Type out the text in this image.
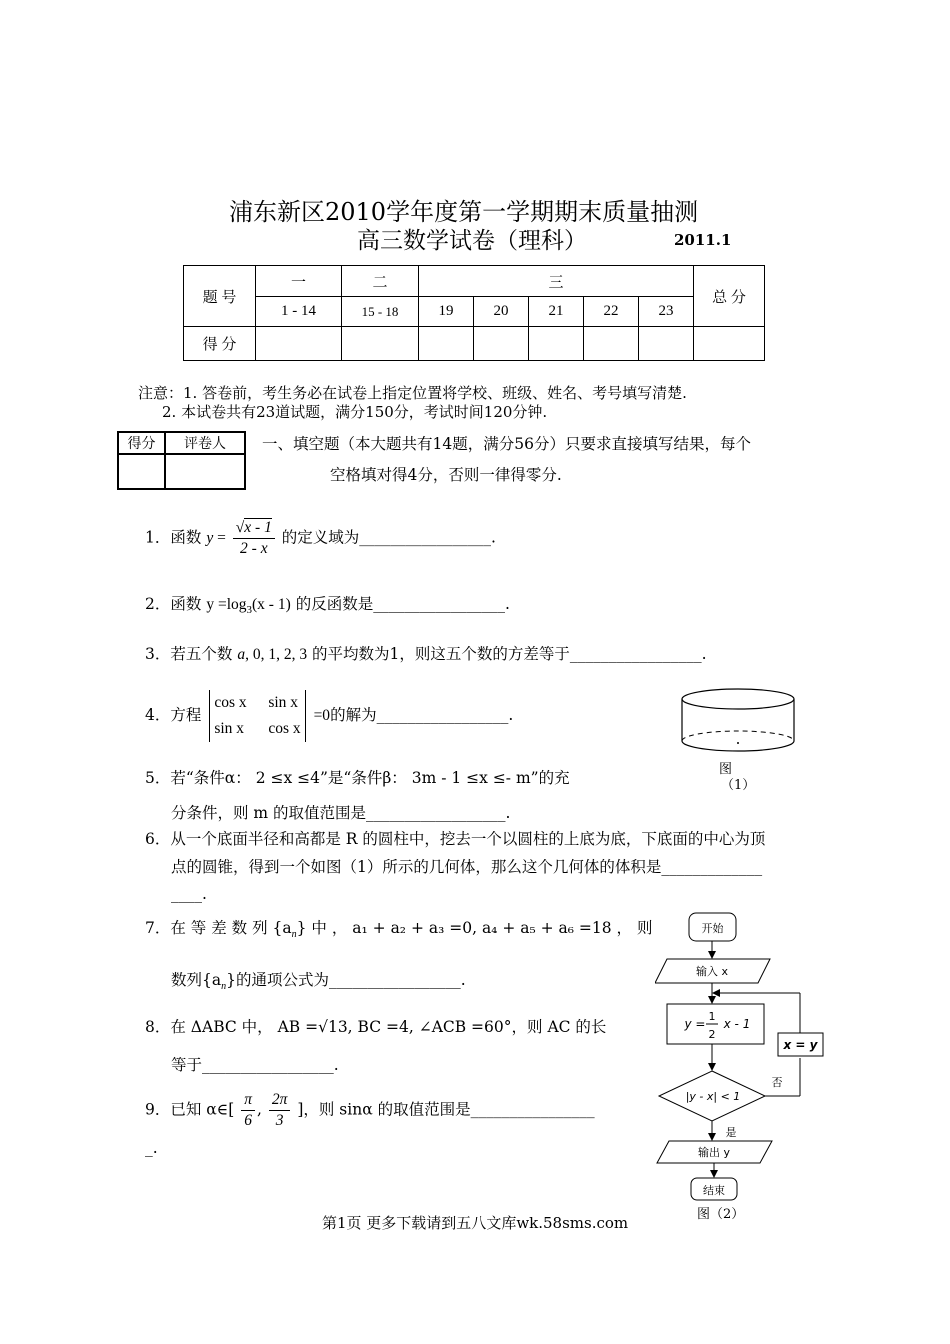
浦东新区2010学年度第一学期期末质量抽测
高三数学试卷（理科）	2011.1
题 号	一	二	三					总 分
	1 - 14	15 - 18	19	20	21	22	23	
得 分								
注意：1. 答卷前，考生务必在试卷上指定位置将学校、班级、姓名、考号填写清楚.
2. 本试卷共有23道试题，满分150分，考试时间120分钟.
得分	评卷人
	一、填空题（本大题共有14题，满分56分）只要求直接填写结果，每个
空格填对得4分，否则一律得零分.
1．函数 $y = \frac{√x - 1}{2 - x}$ 的定义域为_________________.
2．函数 $y =\log_3(x - 1)$ 的反函数是_________________.
3．若五个数 a, 0, 1, 2, 3 的平均数为1，则这五个数的方差等于_________________.
4．方程 cos x sin x
sin x cos x =0的解为_________________.
5．若“条件α： 2 ≤x ≤4”是“条件β： 3m - 1 ≤x ≤- m”的充
分条件，则 m 的取值范围是__________________.
6．从一个底面半径和高都是 R 的圆柱中，挖去一个以圆柱的上底为底，下底面的中心为顶
点的圆锥，得到一个如图（1）所示的几何体，那么这个几何体的体积是_____________
____.
7．在 等 差 数 列 $\{a_n\}$ 中 ， a₁ + a₂ + a₃ =0, a₄ + a₅ + a₆ =18 ， 则
数列$\{a_n\}$的通项公式为_________________.
8．在 ΔABC 中， AB =√13, BC =4, ∠ACB =60°，则 AC 的长
等于_________________.
9．已知 α∈[ $\frac{\pi}{6}$ , $\frac{2\pi}{3}$ ]，则 sinα 的取值范围是________________
_.
图
（1）
开始
输入 x
y =
1
2
x - 1
|y - x| < 1
否
x = y
是
输出 y
结束
图（2）
第1页 更多下载请到五八文库wk.58sms.com
